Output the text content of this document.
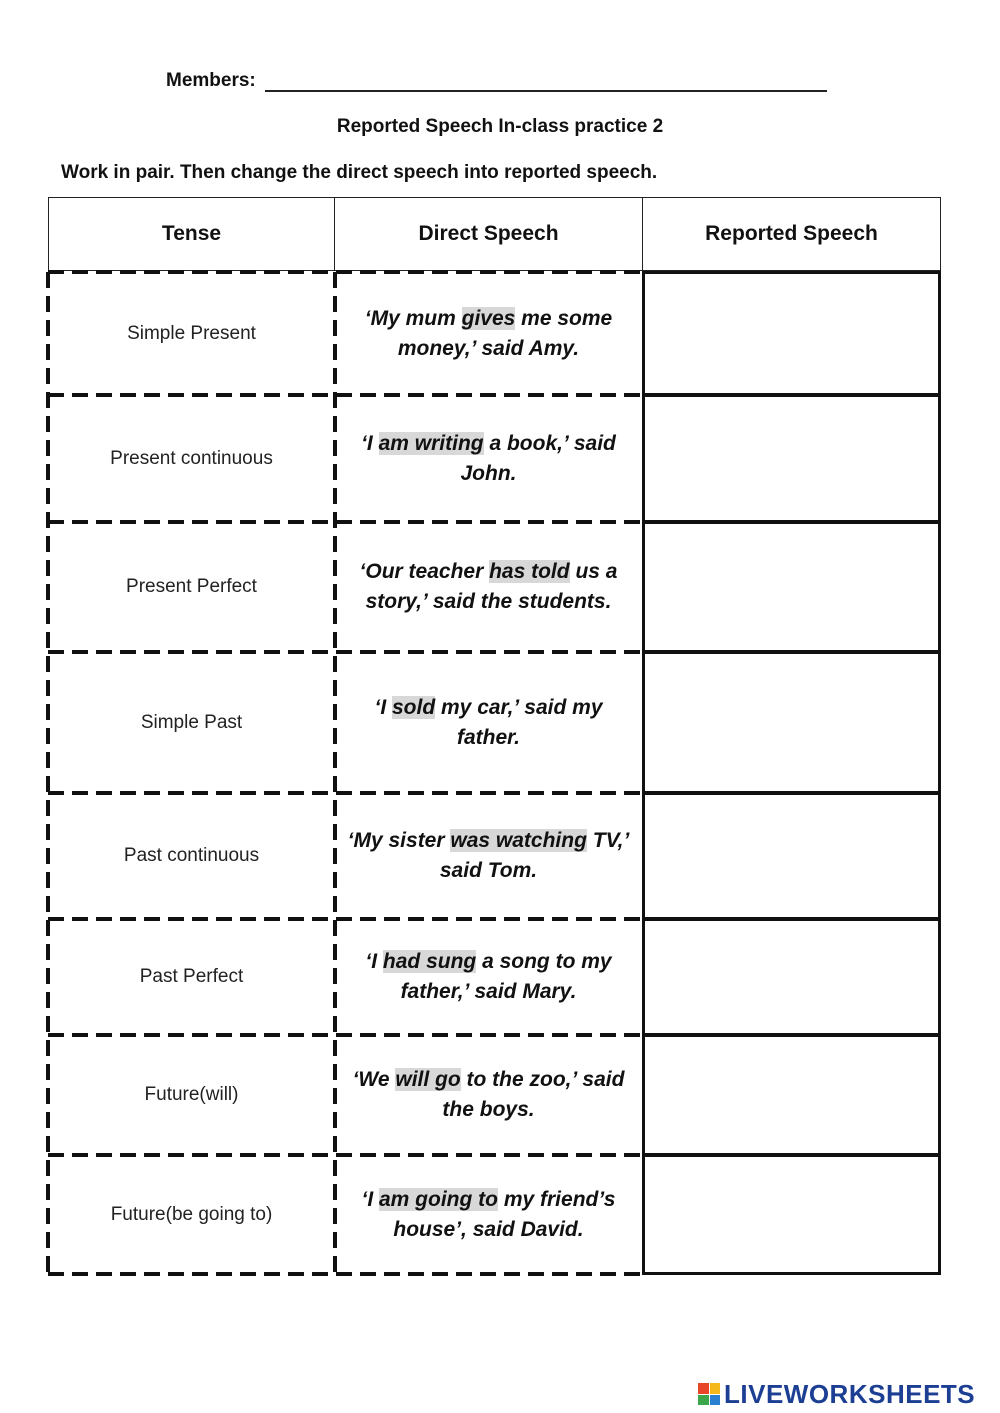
Members:
Reported Speech In-class practice 2
Work in pair. Then change the direct speech into reported speech.
Tense	Direct Speech	Reported Speech
Simple Present
‘My mum gives me some money,’ said Amy.
Present continuous
‘I am writing a book,’ said John.
Present Perfect
‘Our teacher has told us a story,’ said the students.
Simple Past
‘I sold my car,’ said my father.
Past continuous
‘My sister was watching TV,’ said Tom.
Past Perfect
‘I had sung a song to my father,’ said Mary.
Future(will)
‘We will go to the zoo,’ said the boys.
Future(be going to)
‘I am going to my friend’s house’, said David.
LIVEWORKSHEETS
